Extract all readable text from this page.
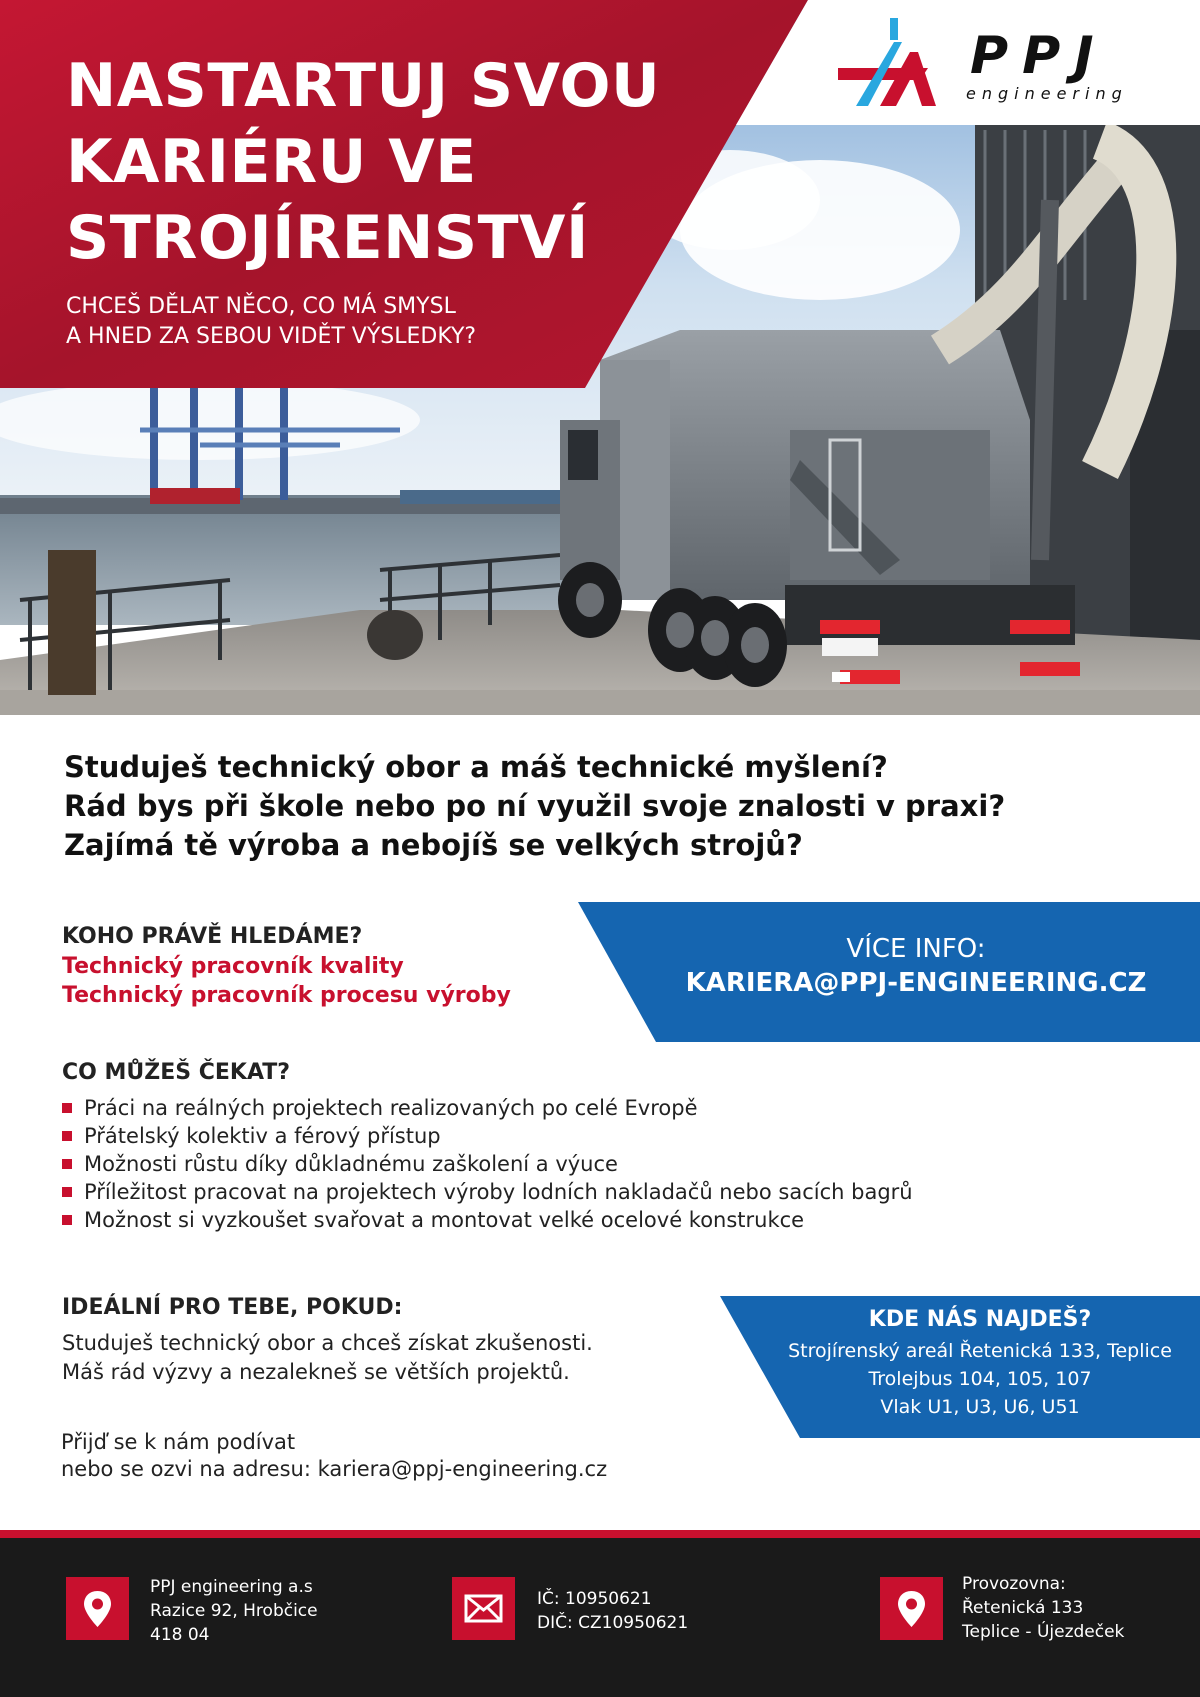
NASTARTUJ SVOU
KARIÉRU VE
STROJÍRENSTVÍ
CHCEŠ DĚLAT NĚCO, CO MÁ SMYSL
A HNED ZA SEBOU VIDĚT VÝSLEDKY?
PPJ
engineering
Studuješ technický obor a máš technické myšlení?
Rád bys při škole nebo po ní využil svoje znalosti v praxi?
Zajímá tě výroba a nebojíš se velkých strojů?
KOHO PRÁVĚ HLEDÁME?
Technický pracovník kvality
Technický pracovník procesu výroby
VÍCE INFO:
KARIERA@PPJ-ENGINEERING.CZ
CO MŮŽEŠ ČEKAT?
Práci na reálných projektech realizovaných po celé Evropě
Přátelský kolektiv a férový přístup
Možnosti růstu díky důkladnému zaškolení a výuce
Příležitost pracovat na projektech výroby lodních nakladačů nebo sacích bagrů
Možnost si vyzkoušet svařovat a montovat velké ocelové konstrukce
IDEÁLNÍ PRO TEBE, POKUD:
Studuješ technický obor a chceš získat zkušenosti.
Máš rád výzvy a nezalekneš se větších projektů.
KDE NÁS NAJDEŠ?
Strojírenský areál Řetenická 133, Teplice
Trolejbus 104, 105, 107
Vlak U1, U3, U6, U51
Přijď se k nám podívat
nebo se ozvi na adresu: kariera@ppj-engineering.cz
PPJ engineering a.s
Razice 92, Hrobčice
418 04
IČ: 10950621
DIČ: CZ10950621
Provozovna:
Řetenická 133
Teplice - Újezdeček
